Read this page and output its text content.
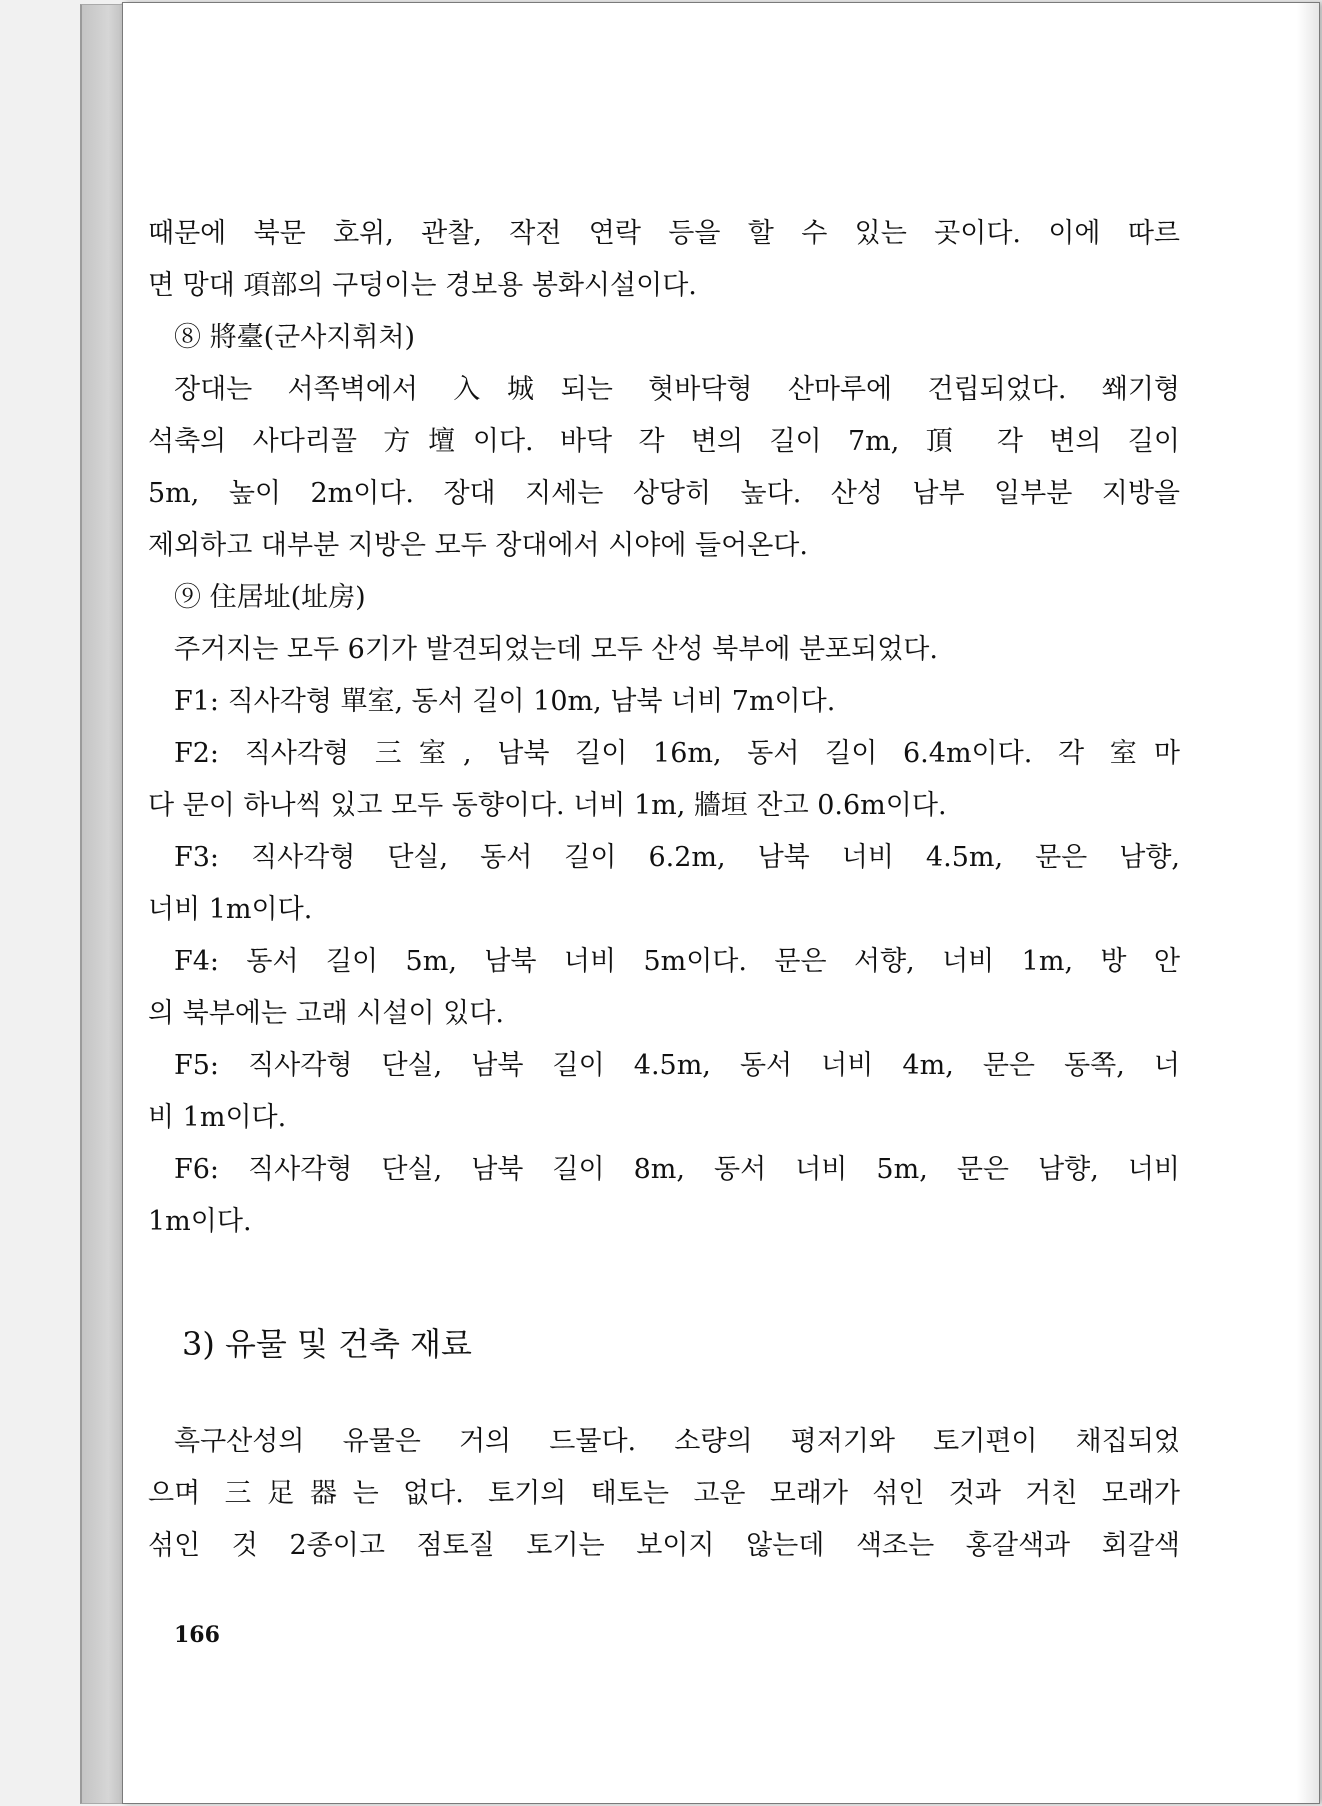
때문에 북문 호위, 관찰, 작전 연락 등을 할 수 있는 곳이다. 이에 따르
면 망대 項部의 구덩이는 경보용 봉화시설이다.
⑧ 將臺(군사지휘처)
장대는 서쪽벽에서 入城되는 혓바닥형 산마루에 건립되었다. 쐐기형
석축의 사다리꼴 方壇이다. 바닥 각 변의 길이 7m, 頂 각 변의 길이
5m, 높이 2m이다. 장대 지세는 상당히 높다. 산성 남부 일부분 지방을
제외하고 대부분 지방은 모두 장대에서 시야에 들어온다.
⑨ 住居址(址房)
주거지는 모두 6기가 발견되었는데 모두 산성 북부에 분포되었다.
F1: 직사각형 單室, 동서 길이 10m, 남북 너비 7m이다.
F2: 직사각형 三室, 남북 길이 16m, 동서 길이 6.4m이다. 각 室마
다 문이 하나씩 있고 모두 동향이다. 너비 1m, 牆垣 잔고 0.6m이다.
F3: 직사각형 단실, 동서 길이 6.2m, 남북 너비 4.5m, 문은 남향,
너비 1m이다.
F4: 동서 길이 5m, 남북 너비 5m이다. 문은 서향, 너비 1m, 방 안
의 북부에는 고래 시설이 있다.
F5: 직사각형 단실, 남북 길이 4.5m, 동서 너비 4m, 문은 동쪽, 너
비 1m이다.
F6: 직사각형 단실, 남북 길이 8m, 동서 너비 5m, 문은 남향, 너비
1m이다.
3) 유물 및 건축 재료
흑구산성의 유물은 거의 드물다. 소량의 평저기와 토기편이 채집되었
으며 三足器는 없다. 토기의 태토는 고운 모래가 섞인 것과 거친 모래가
섞인 것 2종이고 점토질 토기는 보이지 않는데 색조는 홍갈색과 회갈색
166
